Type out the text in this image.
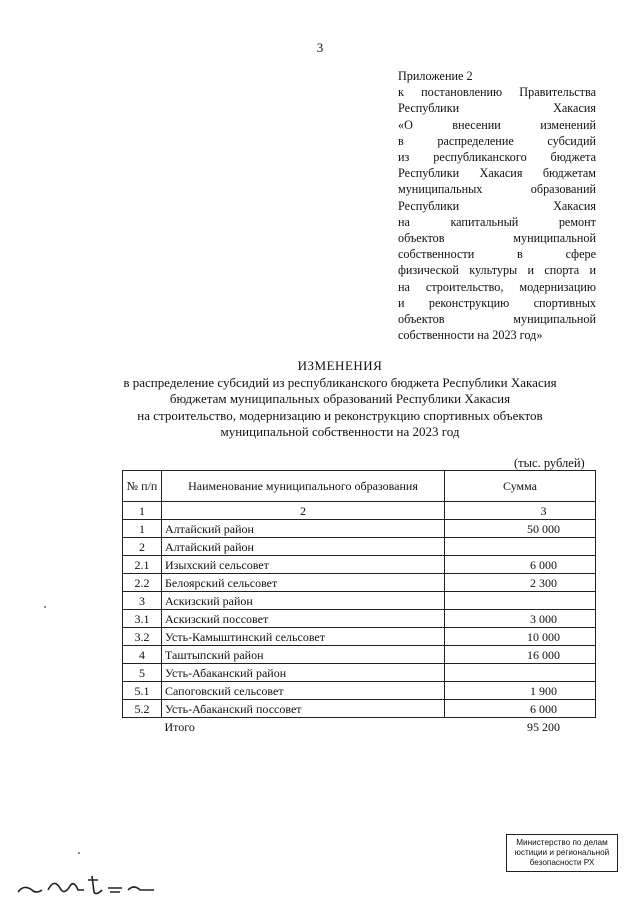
3
Приложение 2
к постановлению Правительства
Республики Хакасия
«О внесении изменений
в распределение субсидий
из республиканского бюджета
Республики Хакасия бюджетам
муниципальных образований
Республики Хакасия
на капитальный ремонт
объектов муниципальной
собственности в сфере
физической культуры и спорта и
на строительство, модернизацию
и реконструкцию спортивных
объектов муниципальной
собственности на 2023 год»
ИЗМЕНЕНИЯ
в распределение субсидий из республиканского бюджета Республики Хакасия
бюджетам муниципальных образований Республики Хакасия
на строительство, модернизацию и реконструкцию спортивных объектов
муниципальной собственности на 2023 год
(тыс. рублей)
№ п/п	Наименование муниципального образования	Сумма
1	2	3
1	Алтайский район	50 000
2	Алтайский район	
2.1	Изыхский сельсовет	6 000
2.2	Белоярский сельсовет	2 300
3	Аскизский район	
3.1	Аскизский поссовет	3 000
3.2	Усть-Камыштинский сельсовет	10 000
4	Таштыпский район	16 000
5	Усть-Абаканский район	
5.1	Сапоговский сельсовет	1 900
5.2	Усть-Абаканский поссовет	6 000
	Итого	95 200
Министерство по делам
юстиции и региональной
безопасности РХ
